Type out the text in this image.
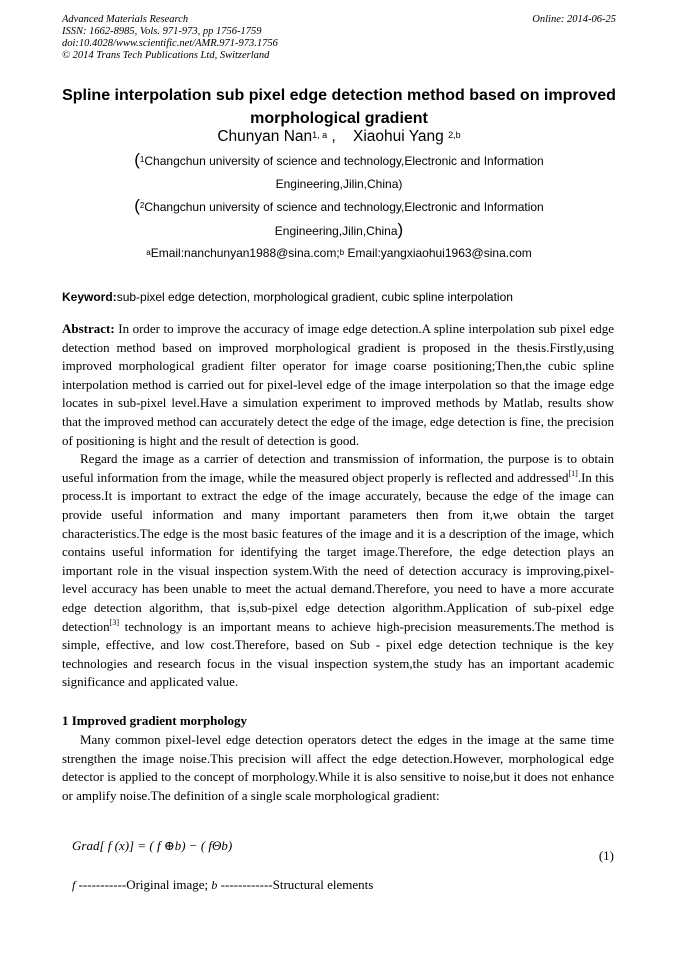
Advanced Materials Research
ISSN: 1662-8985, Vols. 971-973, pp 1756-1759
doi:10.4028/www.scientific.net/AMR.971-973.1756
© 2014 Trans Tech Publications Ltd, Switzerland
Online: 2014-06-25
Spline interpolation sub pixel edge detection method based on improved
morphological gradient
Chunyan Nan$^{1, a}$ , Xiaohui Yang $^{2,b}$
($^1$Changchun university of science and technology,Electronic and Information
Engineering,Jilin,China)
($^2$Changchun university of science and technology,Electronic and Information
Engineering,Jilin,China)
$^a$Email:nanchunyan1988@sina.com;$^b$ Email:yangxiaohui1963@sina.com
Keyword:sub-pixel edge detection, morphological gradient, cubic spline interpolation

Abstract: In order to improve the accuracy of image edge detection.A spline interpolation sub pixel edge detection method based on improved morphological gradient is proposed in the thesis.Firstly,using improved morphological gradient filter operator for image coarse positioning;Then,the cubic spline interpolation method is carried out for pixel-level edge of the image interpolation so that the image edge locates in sub-pixel level.Have a simulation experiment to improved methods by Matlab, results show that the improved method can accurately detect the edge of the image, edge detection is fine, the precision of positioning is hight and the result of detection is good.

Regard the image as a carrier of detection and transmission of information, the purpose is to obtain useful information from the image, while the measured object properly is reflected and addressed[1].In this process.It is important to extract the edge of the image accurately, because the edge of the image can provide useful information and many important parameters then from it,we obtain the target characteristics.The edge is the most basic features of the image and it is a description of the image, which contains useful information for identifying the target image.Therefore, the edge detection plays an important role in the visual inspection system.With the need of detection accuracy is improving,pixel-level accuracy has been unable to meet the actual demand.Therefore, you need to have a more accurate edge detection algorithm, that is,sub-pixel edge detection algorithm.Application of sub-pixel edge detection[3] technology is an important means to achieve high-precision measurements.The method is simple, effective, and low cost.Therefore, based on Sub - pixel edge detection technique is the key technologies and research focus in the visual inspection system,the study has an important academic significance and applicated value.

1 Improved gradient morphology

Many common pixel-level edge detection operators detect the edges in the image at the same time strengthen the image noise.This precision will affect the edge detection.However, morphological edge detector is applied to the concept of morphology.While it is also sensitive to noise,but it does not enhance or amplify noise.The definition of a single scale morphological gradient:

Grad[ f (x)] = ( f ⊕b) − ( fΘb)
(1)
f -----------Original image; b ------------Structural elements
